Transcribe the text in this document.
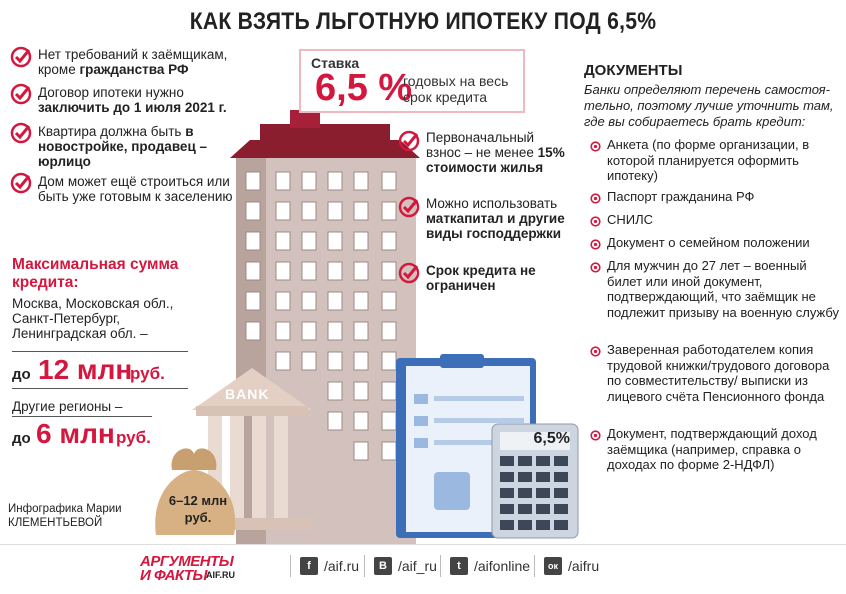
КАК ВЗЯТЬ ЛЬГОТНУЮ ИПОТЕКУ ПОД 6,5%
BANK
6–12 млн руб.
6,5%
Нет требований к заёмщикам, кроме гражданства РФ
Договор ипотеки нужно заключить до 1 июля 2021 г.
Квартира должна быть в новостройке, продавец – юрлицо
Дом может ещё строиться или быть уже готовым к заселению
Ставка
6,5 %
годовых на весь срок кредита
Первоначальный взнос – не менее 15% стоимости жилья
Можно использовать маткапитал и другие виды господдержки
Срок кредита не ограничен
Максимальная сумма кредита:
Москва, Московская обл., Санкт-Петербург, Ленинградская обл. –
до 12 млн
руб.
Другие регионы –
до 6 млн руб.
Инфографика Марии КЛЕМЕНТЬЕВОЙ
ДОКУМЕНТЫ
Банки определяют перечень самостоя-тельно, поэтому лучше уточнить там, где вы собираетесь брать кредит:
Анкета (по форме организации, в которой планируется оформить ипотеку)
Паспорт гражданина РФ
СНИЛС
Документ о семейном положении
Для мужчин до 27 лет – военный билет или иной документ, подтверждающий, что заёмщик не подлежит призыву на военную службу
Заверенная работодателем копия трудовой книжки/трудового договора по совместительству/ выписки из лицевого счёта Пенсионного фонда
Документ, подтверждающий доход заёмщика (например, справка о доходах по форме 2-НДФЛ)
АРГУМЕНТЫ
И ФАКТЫ AIF.RU
f /aif.ru	В /aif_ru	t /aifonline	ок /aifru
